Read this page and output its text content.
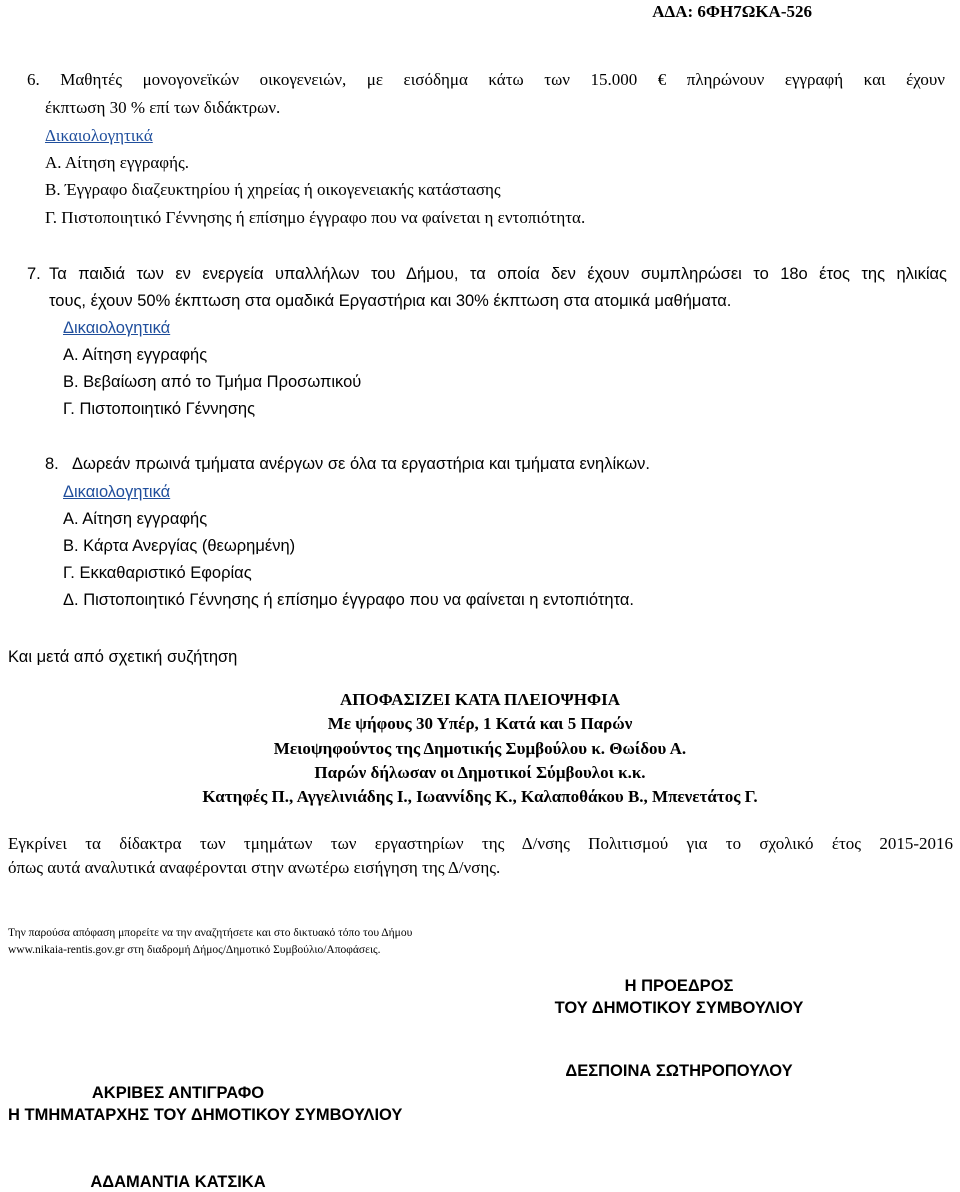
ΑΔΑ: 6ΦΗ7ΩΚΑ-526
6. Μαθητές μονογονεϊκών οικογενειών, με εισόδημα κάτω των 15.000 € πληρώνουν εγγραφή και έχουν
έκπτωση 30 % επί των διδάκτρων.
Δικαιολογητικά
Α. Αίτηση εγγραφής.
Β. Έγγραφο διαζευκτηρίου ή χηρείας ή οικογενειακής κατάστασης
Γ. Πιστοποιητικό Γέννησης ή επίσημο έγγραφο που να φαίνεται η εντοπιότητα.
7. Τα παιδιά των εν ενεργεία υπαλλήλων του Δήμου, τα οποία δεν έχουν συμπληρώσει το 18ο έτος της ηλικίας
τους, έχουν 50% έκπτωση στα ομαδικά Εργαστήρια και 30% έκπτωση στα ατομικά μαθήματα.
Δικαιολογητικά
Α. Αίτηση εγγραφής
Β. Βεβαίωση από το Τμήμα Προσωπικού
Γ. Πιστοποιητικό Γέννησης
8. Δωρεάν πρωινά τμήματα ανέργων σε όλα τα εργαστήρια και τμήματα ενηλίκων.
Δικαιολογητικά
Α. Αίτηση εγγραφής
Β. Κάρτα Ανεργίας (θεωρημένη)
Γ. Εκκαθαριστικό Εφορίας
Δ. Πιστοποιητικό Γέννησης ή επίσημο έγγραφο που να φαίνεται η εντοπιότητα.
Και μετά από σχετική συζήτηση
ΑΠΟΦΑΣΙΖΕΙ ΚΑΤΑ ΠΛΕΙΟΨΗΦΙΑ
Με ψήφους 30 Υπέρ, 1 Κατά και 5 Παρών
Μειοψηφούντος της Δημοτικής Συμβούλου κ. Θωίδου Α.
Παρών δήλωσαν οι Δημοτικοί Σύμβουλοι κ.κ.
Κατηφές Π., Αγγελινιάδης Ι., Ιωαννίδης Κ., Καλαποθάκου Β., Μπενετάτος Γ.
Εγκρίνει τα δίδακτρα των τμημάτων των εργαστηρίων της Δ/νσης Πολιτισμού για το σχολικό έτος 2015-2016
όπως αυτά αναλυτικά αναφέρονται στην ανωτέρω εισήγηση της Δ/νσης.
Την παρούσα απόφαση μπορείτε να την αναζητήσετε και στο δικτυακό τόπο του Δήμου
www.nikaia-rentis.gov.gr στη διαδρομή Δήμος/Δημοτικό Συμβούλιο/Αποφάσεις.
Η ΠΡΟΕΔΡΟΣ
ΤΟΥ ΔΗΜΟΤΙΚΟΥ ΣΥΜΒΟΥΛΙΟΥ
ΔΕΣΠΟΙΝΑ ΣΩΤΗΡΟΠΟΥΛΟΥ
ΑΚΡΙΒΕΣ ΑΝΤΙΓΡΑΦΟ
Η ΤΜΗΜΑΤΑΡΧΗΣ ΤΟΥ ΔΗΜΟΤΙΚΟΥ ΣΥΜΒΟΥΛΙΟΥ
ΑΔΑΜΑΝΤΙΑ ΚΑΤΣΙΚΑ
